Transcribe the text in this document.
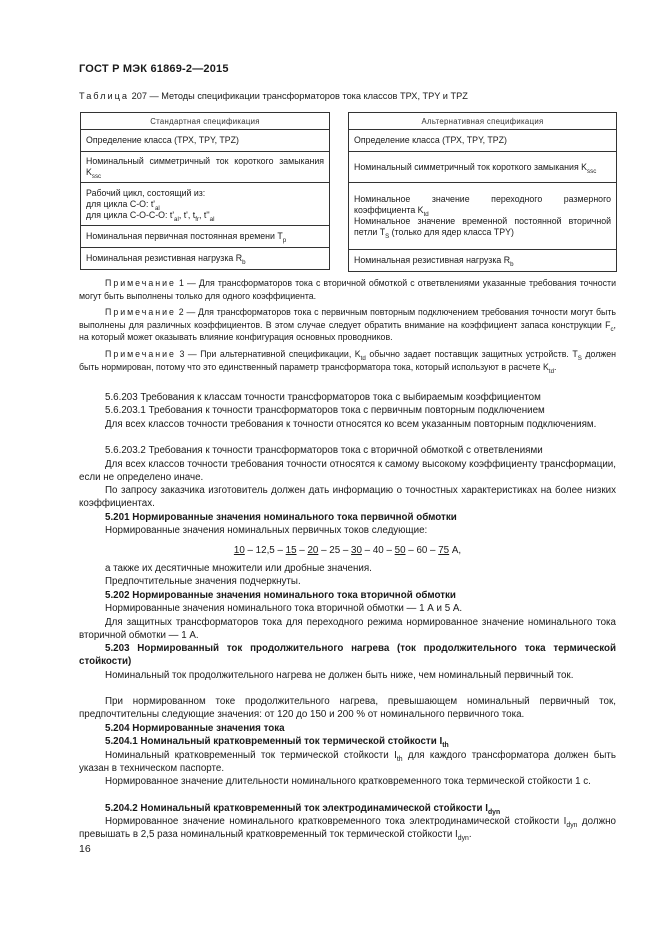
ГОСТ Р МЭК 61869-2—2015
Таблица 207 — Методы спецификации трансформаторов тока классов ТРХ, TPY и TPZ
Стандартная спецификация
Определение класса (ТРХ, TPY, TPZ)
Номинальный симметричный ток короткого замыкания $K_{ssc}$

Рабочий цикл, состоящий из:
для цикла С-О: $t'_{al}$
для цикла С-О-С-О: $t'_{al}$, t', $t_{fr}$, $t''_{al}$

Номинальная первичная постоянная времени $T_p$
Номинальная резистивная нагрузка $R_b$
Альтернативная спецификация
Определение класса (ТРХ, TPY, TPZ)
Номинальный симметричный ток короткого замыкания $K_{ssc}$

Номинальное значение переходного размерного коэффициента $K_{td}$
Номинальное значение временной постоянной вторичной петли $T_S$ (только для ядер класса TPY)

Номинальная резистивная нагрузка $R_b$
Примечание 1 — Для трансформаторов тока с вторичной обмоткой с ответвлениями указанные требования точности могут быть выполнены только для одного коэффициента.
Примечание 2 — Для трансформаторов тока с первичным повторным подключением требования точности могут быть выполнены для различных коэффициентов. В этом случае следует обратить внимание на коэффициент запаса конструкции $F_c$, на который может оказывать влияние конфигурация основных проводников.
Примечание 3 — При альтернативной спецификации, $K_{td}$ обычно задает поставщик защитных устройств. $T_S$ должен быть нормирован, потому что это единственный параметр трансформатора тока, который используют в расчете $K_{td}$.
5.6.203 Требования к классам точности трансформаторов тока с выбираемым коэффициентом
5.6.203.1 Требования к точности трансформаторов тока с первичным повторным подключением
Для всех классов точности требования к точности относятся ко всем указанным повторным подключениям.
5.6.203.2 Требования к точности трансформаторов тока с вторичной обмоткой с ответвлениями
Для всех классов точности требования точности относятся к самому высокому коэффициенту трансформации, если не определено иначе.
По запросу заказчика изготовитель должен дать информацию о точностных характеристиках на более низких коэффициентах.
5.201 Нормированные значения номинального тока первичной обмотки
Нормированные значения номинальных первичных токов следующие:
10 – 12,5 – 15 – 20 – 25 – 30 – 40 – 50 – 60 – 75 А,
а также их десятичные множители или дробные значения.
Предпочтительные значения подчеркнуты.
5.202 Нормированные значения номинального тока вторичной обмотки
Нормированные значения номинального тока вторичной обмотки — 1 А и 5 А.
Для защитных трансформаторов тока для переходного режима нормированное значение номинального тока вторичной обмотки — 1 А.
5.203 Нормированный ток продолжительного нагрева (ток продолжительного тока термической стойкости)
Номинальный ток продолжительного нагрева не должен быть ниже, чем номинальный первичный ток.
При нормированном токе продолжительного нагрева, превышающем номинальный первичный ток, предпочтительны следующие значения: от 120 до 150 и 200 % от номинального первичного тока.
5.204 Нормированные значения тока
5.204.1 Номинальный кратковременный ток термической стойкости $I_{th}$
Номинальный кратковременный ток термической стойкости $I_{th}$ для каждого трансформатора должен быть указан в техническом паспорте.
Нормированное значение длительности номинального кратковременного тока термической стойкости 1 с.
5.204.2 Номинальный кратковременный ток электродинамической стойкости $I_{dyn}$
Нормированное значение номинального кратковременного тока электродинамической стойкости $I_{dyn}$ должно превышать в 2,5 раза номинальный кратковременный ток термической стойкости $I_{dyn}$.
16
